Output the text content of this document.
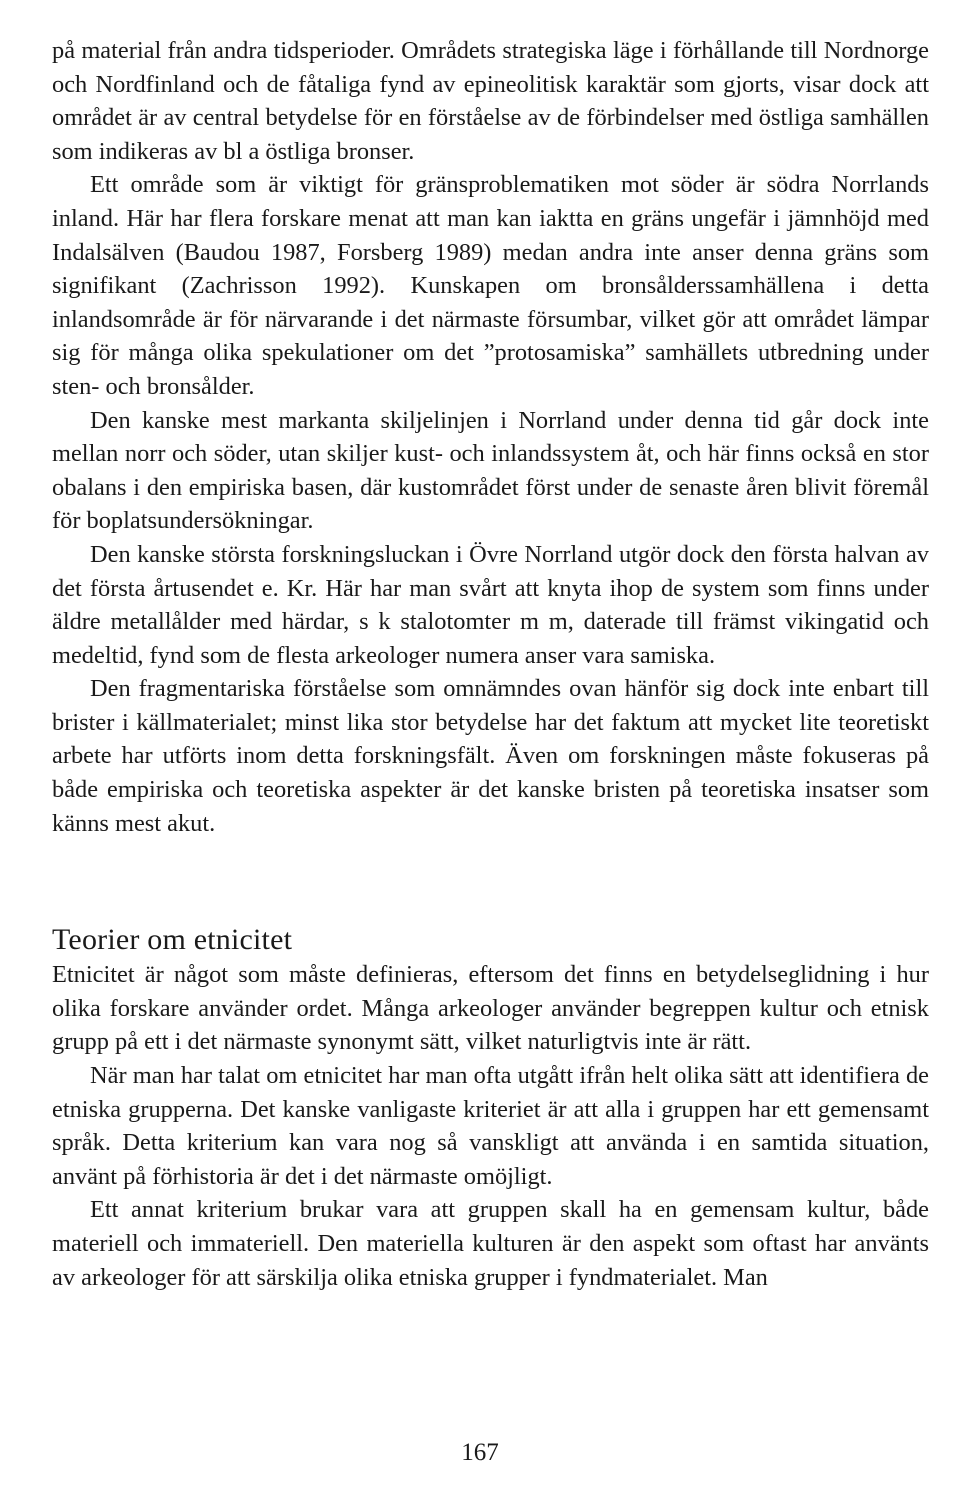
på material från andra tidsperioder. Områdets strategiska läge i förhållande till Nordnorge och Nordfinland och de fåtaliga fynd av epineolitisk karaktär som gjorts, visar dock att området är av central betydelse för en förståelse av de förbindelser med östliga samhällen som indikeras av bl a östliga bronser.

Ett område som är viktigt för gränsproblematiken mot söder är södra Norrlands inland. Här har flera forskare menat att man kan iaktta en gräns ungefär i jämnhöjd med Indalsälven (Baudou 1987, Forsberg 1989) medan andra inte anser denna gräns som signifikant (Zachrisson 1992). Kunskapen om bronsålderssamhällena i detta inlandsområde är för närvarande i det närmaste försumbar, vilket gör att området lämpar sig för många olika spekulationer om det ”protosamiska” samhällets utbredning under sten- och bronsålder.

Den kanske mest markanta skiljelinjen i Norrland under denna tid går dock inte mellan norr och söder, utan skiljer kust- och inlandssystem åt, och här finns också en stor obalans i den empiriska basen, där kustområdet först under de senaste åren blivit föremål för boplatsundersökningar.

Den kanske största forskningsluckan i Övre Norrland utgör dock den första halvan av det första årtusendet e. Kr. Här har man svårt att knyta ihop de system som finns under äldre metallålder med härdar, s k stalotomter m m, daterade till främst vikingatid och medeltid, fynd som de flesta arkeologer numera anser vara samiska.

Den fragmentariska förståelse som omnämndes ovan hänför sig dock inte enbart till brister i källmaterialet; minst lika stor betydelse har det faktum att mycket lite teoretiskt arbete har utförts inom detta forskningsfält. Även om forskningen måste fokuseras på både empiriska och teoretiska aspekter är det kanske bristen på teoretiska insatser som känns mest akut.

Teorier om etnicitet

Etnicitet är något som måste definieras, eftersom det finns en betydelseglidning i hur olika forskare använder ordet. Många arkeologer använder begreppen kultur och etnisk grupp på ett i det närmaste synonymt sätt, vilket naturligtvis inte är rätt.

När man har talat om etnicitet har man ofta utgått ifrån helt olika sätt att identifiera de etniska grupperna. Det kanske vanligaste kriteriet är att alla i gruppen har ett gemensamt språk. Detta kriterium kan vara nog så vanskligt att använda i en samtida situation, använt på förhistoria är det i det närmaste omöjligt.

Ett annat kriterium brukar vara att gruppen skall ha en gemensam kultur, både materiell och immateriell. Den materiella kulturen är den aspekt som oftast har använts av arkeologer för att särskilja olika etniska grupper i fyndmaterialet. Man

167
